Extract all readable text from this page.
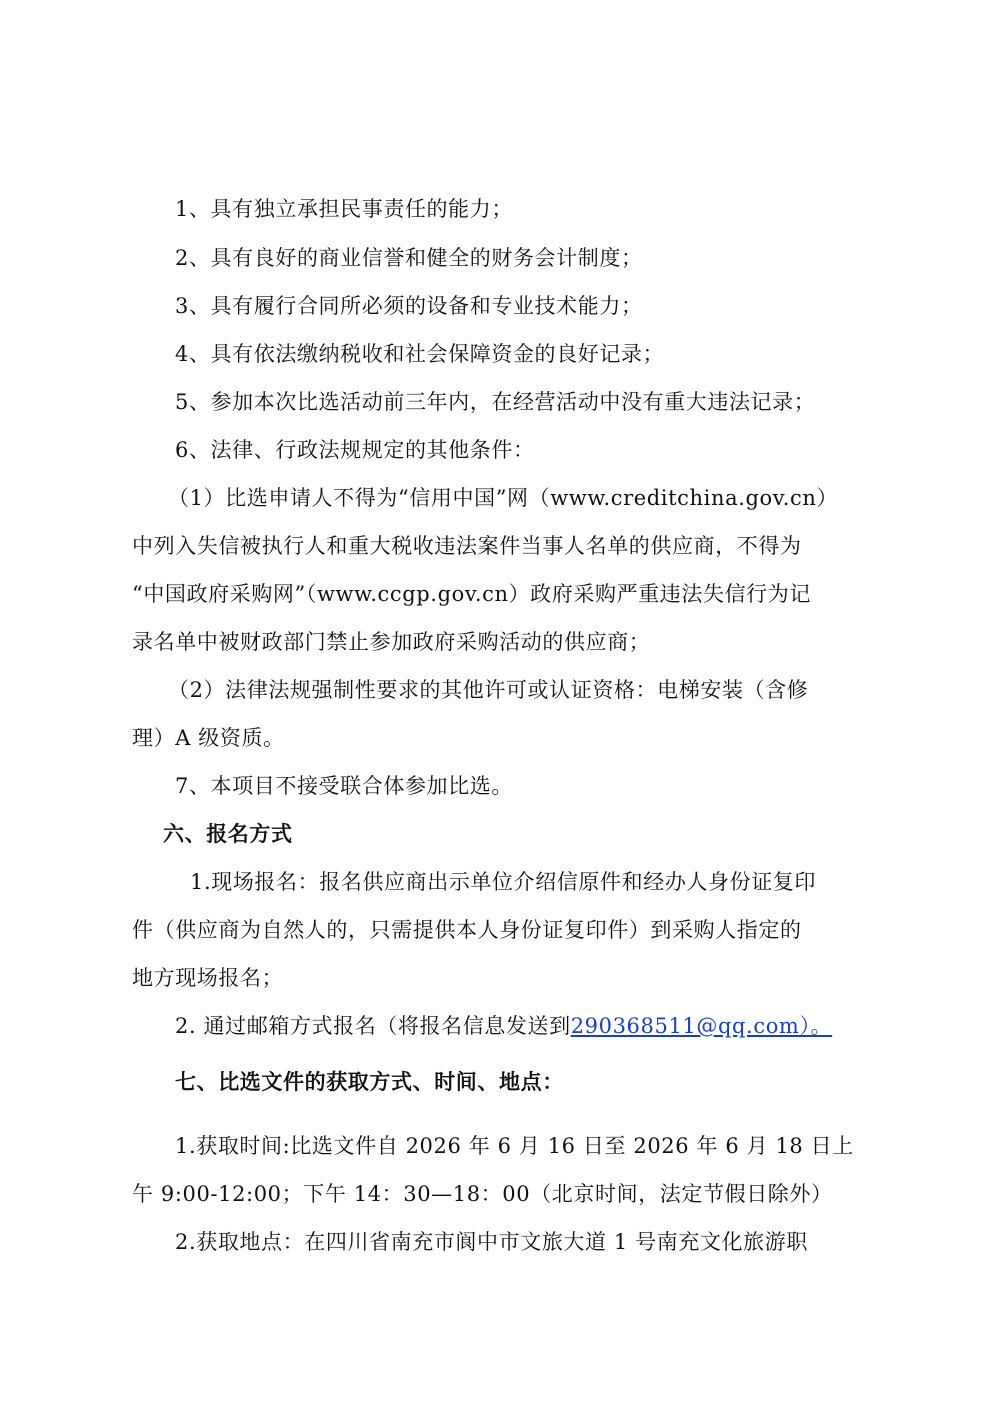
1、具有独立承担民事责任的能力；
2、具有良好的商业信誉和健全的财务会计制度；
3、具有履行合同所必须的设备和专业技术能力；
4、具有依法缴纳税收和社会保障资金的良好记录；
5、参加本次比选活动前三年内，在经营活动中没有重大违法记录；
6、法律、行政法规规定的其他条件：
（1）比选申请人不得为“信用中国”网（www.creditchina.gov.cn）
中列入失信被执行人和重大税收违法案件当事人名单的供应商，不得为
“中国政府采购网”（www.ccgp.gov.cn）政府采购严重违法失信行为记
录名单中被财政部门禁止参加政府采购活动的供应商；
（2）法律法规强制性要求的其他许可或认证资格：电梯安装（含修
理）A 级资质。
7、本项目不接受联合体参加比选。
六、报名方式
1.现场报名：报名供应商出示单位介绍信原件和经办人身份证复印
件（供应商为自然人的，只需提供本人身份证复印件）到采购人指定的
地方现场报名；
2. 通过邮箱方式报名（将报名信息发送到290368511@qq.com）。
七、比选文件的获取方式、时间、地点：
1.获取时间:比选文件自 2026 年 6 月 16 日至 2026 年 6 月 18 日上
午 9:00-12:00；下午 14：30—18：00（北京时间，法定节假日除外）
2.获取地点：在四川省南充市阆中市文旅大道 1 号南充文化旅游职
